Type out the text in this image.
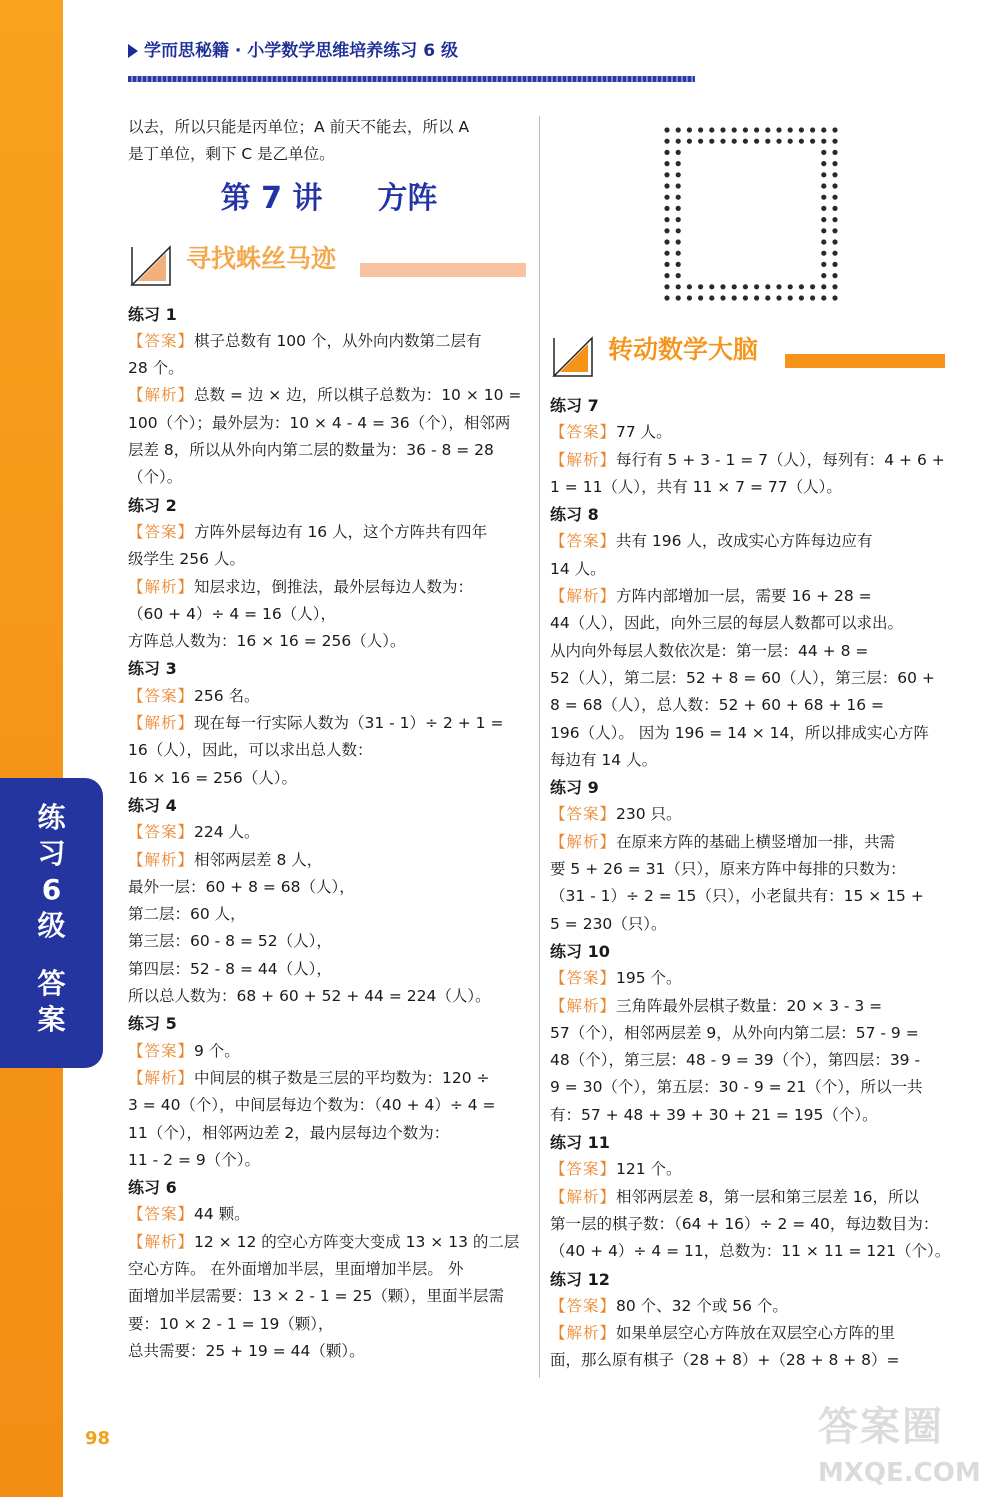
练
习
6
级
答
案
学而思秘籍 · 小学数学思维培养练习 6 级
以去，所以只能是丙单位；A 前天不能去，所以 A
是丁单位，剩下 C 是乙单位。
第 7 讲 方阵
寻找蛛丝马迹
练习 1
【答案】棋子总数有 100 个，从外向内数第二层有
28 个。
【解析】总数 = 边 × 边，所以棋子总数为：10 × 10 =
100（个）；最外层为：10 × 4 - 4 = 36（个），相邻两
层差 8，所以从外向内第二层的数量为：36 - 8 = 28
（个）。
练习 2
【答案】方阵外层每边有 16 人，这个方阵共有四年
级学生 256 人。
【解析】知层求边，倒推法，最外层每边人数为：
（60 + 4）÷ 4 = 16（人），
方阵总人数为：16 × 16 = 256（人）。
练习 3
【答案】256 名。
【解析】现在每一行实际人数为（31 - 1）÷ 2 + 1 =
16（人），因此，可以求出总人数：
16 × 16 = 256（人）。
练习 4
【答案】224 人。
【解析】相邻两层差 8 人，
最外一层：60 + 8 = 68（人），
第二层：60 人，
第三层：60 - 8 = 52（人），
第四层：52 - 8 = 44（人），
所以总人数为：68 + 60 + 52 + 44 = 224（人）。
练习 5
【答案】9 个。
【解析】中间层的棋子数是三层的平均数为：120 ÷
3 = 40（个），中间层每边个数为：（40 + 4）÷ 4 =
11（个），相邻两边差 2，最内层每边个数为：
11 - 2 = 9（个）。
练习 6
【答案】44 颗。
【解析】12 × 12 的空心方阵变大变成 13 × 13 的二层
空心方阵。 在外面增加半层，里面增加半层。 外
面增加半层需要：13 × 2 - 1 = 25（颗），里面半层需
要：10 × 2 - 1 = 19（颗），
总共需要：25 + 19 = 44（颗）。
转动数学大脑
练习 7
【答案】77 人。
【解析】每行有 5 + 3 - 1 = 7（人），每列有：4 + 6 +
1 = 11（人），共有 11 × 7 = 77（人）。
练习 8
【答案】共有 196 人，改成实心方阵每边应有
14 人。
【解析】方阵内部增加一层，需要 16 + 28 =
44（人），因此，向外三层的每层人数都可以求出。
从内向外每层人数依次是：第一层：44 + 8 =
52（人），第二层：52 + 8 = 60（人），第三层：60 +
8 = 68（人），总人数：52 + 60 + 68 + 16 =
196（人）。 因为 196 = 14 × 14，所以排成实心方阵
每边有 14 人。
练习 9
【答案】230 只。
【解析】在原来方阵的基础上横竖增加一排，共需
要 5 + 26 = 31（只），原来方阵中每排的只数为：
（31 - 1）÷ 2 = 15（只），小老鼠共有：15 × 15 +
5 = 230（只）。
练习 10
【答案】195 个。
【解析】三角阵最外层棋子数量：20 × 3 - 3 =
57（个），相邻两层差 9，从外向内第二层：57 - 9 =
48（个），第三层：48 - 9 = 39（个），第四层：39 -
9 = 30（个），第五层：30 - 9 = 21（个），所以一共
有：57 + 48 + 39 + 30 + 21 = 195（个）。
练习 11
【答案】121 个。
【解析】相邻两层差 8，第一层和第三层差 16，所以
第一层的棋子数：（64 + 16）÷ 2 = 40，每边数目为：
（40 + 4）÷ 4 = 11，总数为：11 × 11 = 121（个）。
练习 12
【答案】80 个、32 个或 56 个。
【解析】如果单层空心方阵放在双层空心方阵的里
面，那么原有棋子（28 + 8）+（28 + 8 + 8）=
98	答案圈
MXQE.COM
